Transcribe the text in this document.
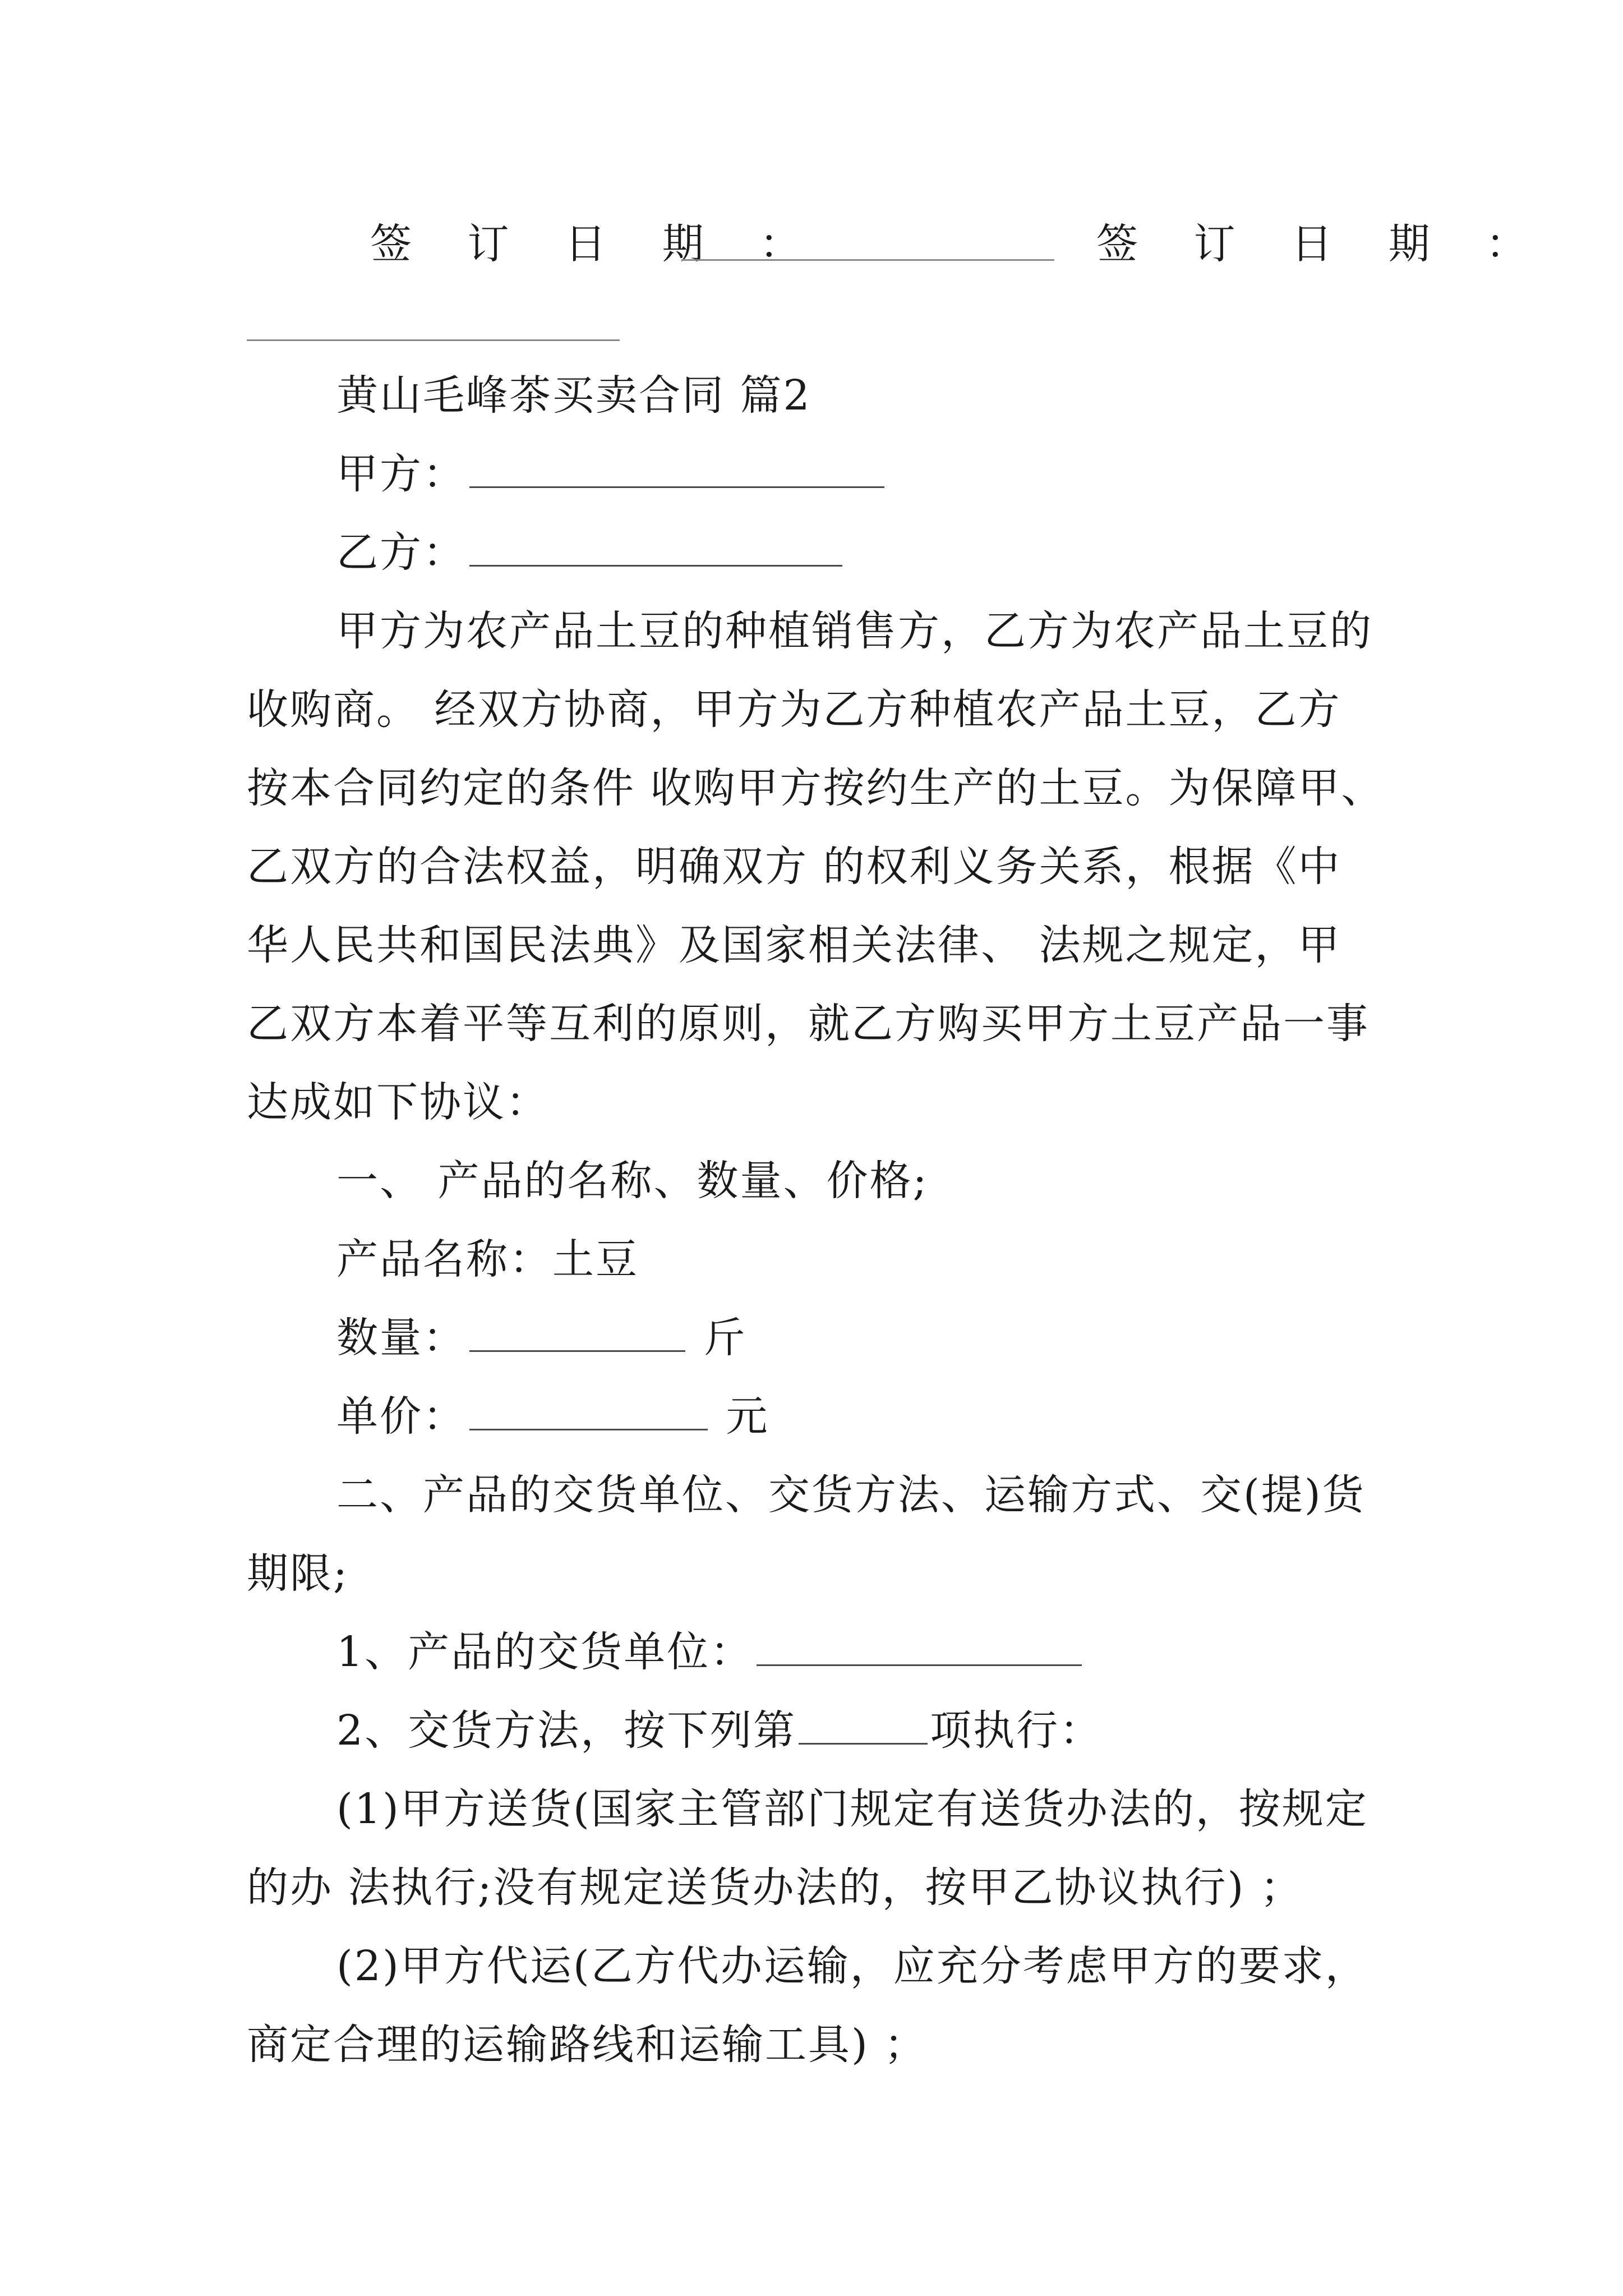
签 订 日 期 ：	签 订 日 期 ：
黄山毛峰茶买卖合同 篇2
甲方：
乙方：
甲方为农产品土豆的种植销售方，乙方为农产品土豆的
收购商。 经双方协商，甲方为乙方种植农产品土豆，乙方
按本合同约定的条件 收购甲方按约生产的土豆。为保障甲、
乙双方的合法权益，明确双方 的权利义务关系，根据《中
华人民共和国民法典》及国家相关法律、 法规之规定，甲
乙双方本着平等互利的原则，就乙方购买甲方土豆产品一事
达成如下协议：
一、 产品的名称、数量、价格;
产品名称：土豆
数量：	斤
单价：	元
二、产品的交货单位、交货方法、运输方式、交(提)货
期限;
1、产品的交货单位：
2、交货方法，按下列第	项执行：
(1)甲方送货(国家主管部门规定有送货办法的，按规定
的办 法执行;没有规定送货办法的，按甲乙协议执行) ；
(2)甲方代运(乙方代办运输，应充分考虑甲方的要求，
商定合理的运输路线和运输工具) ；
